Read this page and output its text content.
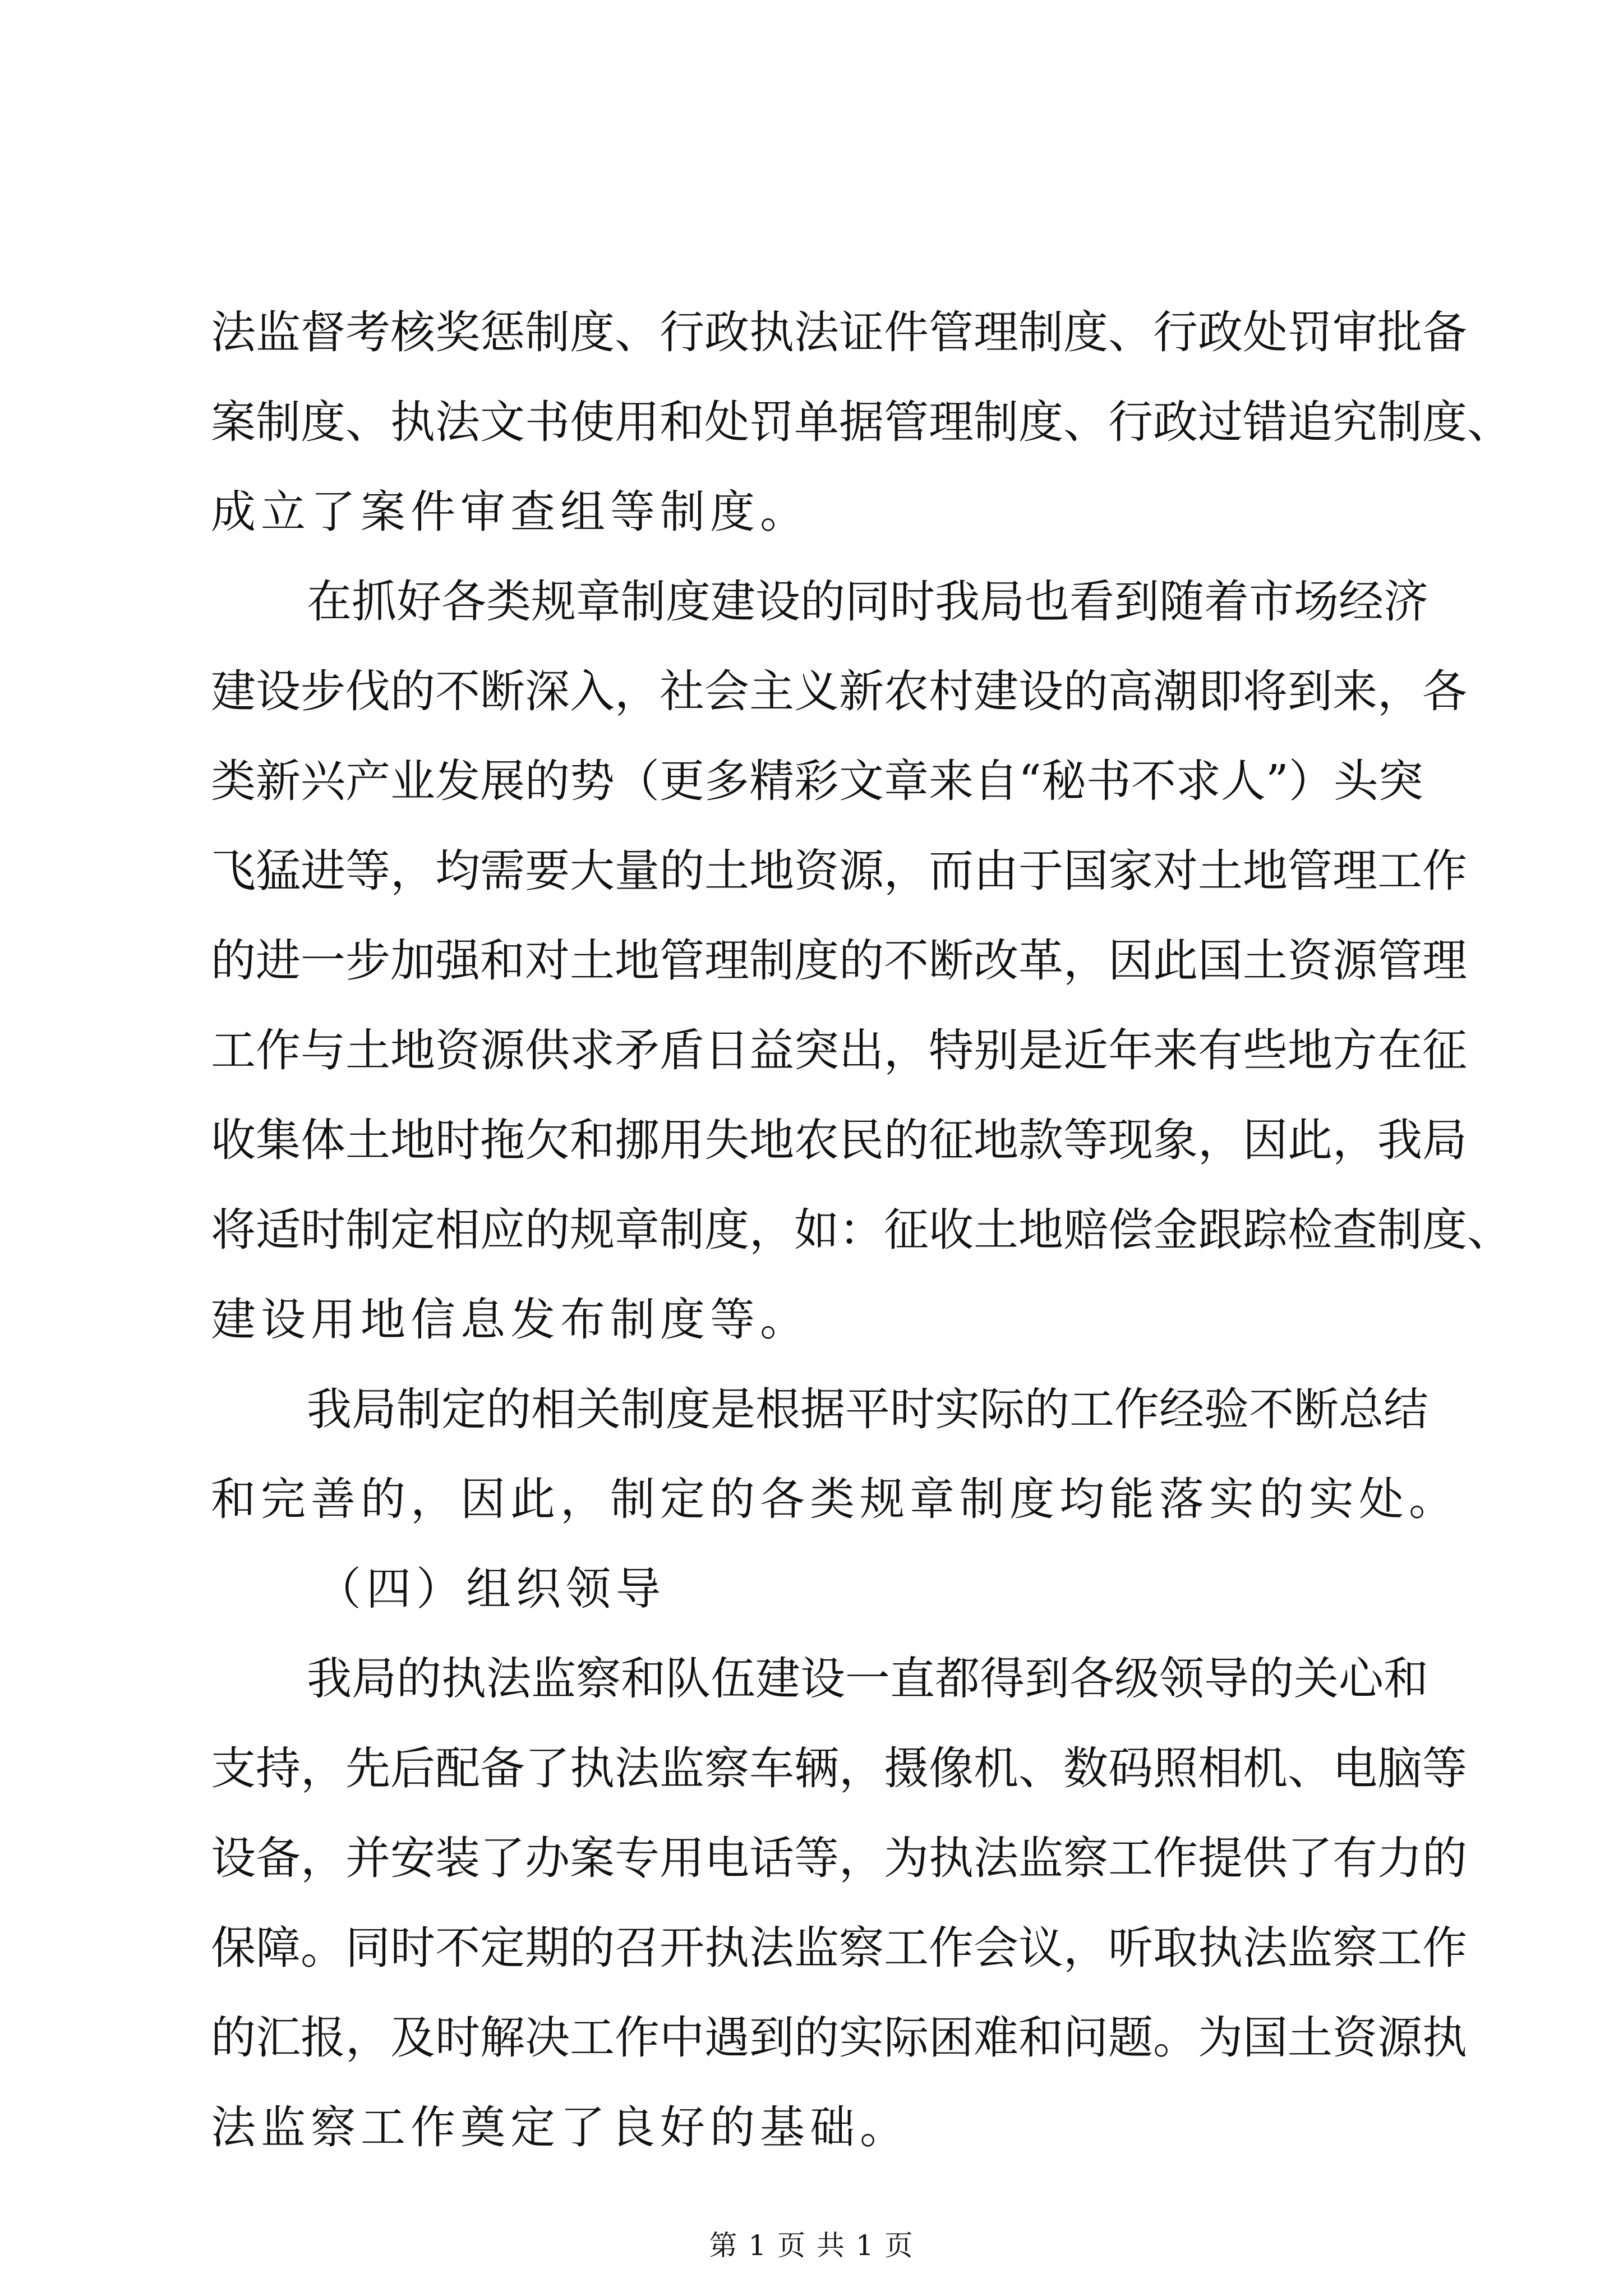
法监督考核奖惩制度、行政执法证件管理制度、行政处罚审批备
案制度、执法文书使用和处罚单据管理制度、行政过错追究制度、
成立了案件审查组等制度。
在抓好各类规章制度建设的同时我局也看到随着市场经济
建设步伐的不断深入，社会主义新农村建设的高潮即将到来，各
类新兴产业发展的势（更多精彩文章来自“秘书不求人”）头突
飞猛进等，均需要大量的土地资源，而由于国家对土地管理工作
的进一步加强和对土地管理制度的不断改革，因此国土资源管理
工作与土地资源供求矛盾日益突出，特别是近年来有些地方在征
收集体土地时拖欠和挪用失地农民的征地款等现象，因此，我局
将适时制定相应的规章制度，如：征收土地赔偿金跟踪检查制度、
建设用地信息发布制度等。
我局制定的相关制度是根据平时实际的工作经验不断总结
和完善的，因此，制定的各类规章制度均能落实的实处。
（四）组织领导
我局的执法监察和队伍建设一直都得到各级领导的关心和
支持，先后配备了执法监察车辆，摄像机、数码照相机、电脑等
设备，并安装了办案专用电话等，为执法监察工作提供了有力的
保障。同时不定期的召开执法监察工作会议，听取执法监察工作
的汇报，及时解决工作中遇到的实际困难和问题。为国土资源执
法监察工作奠定了良好的基础。
第 1 页 共 1 页
